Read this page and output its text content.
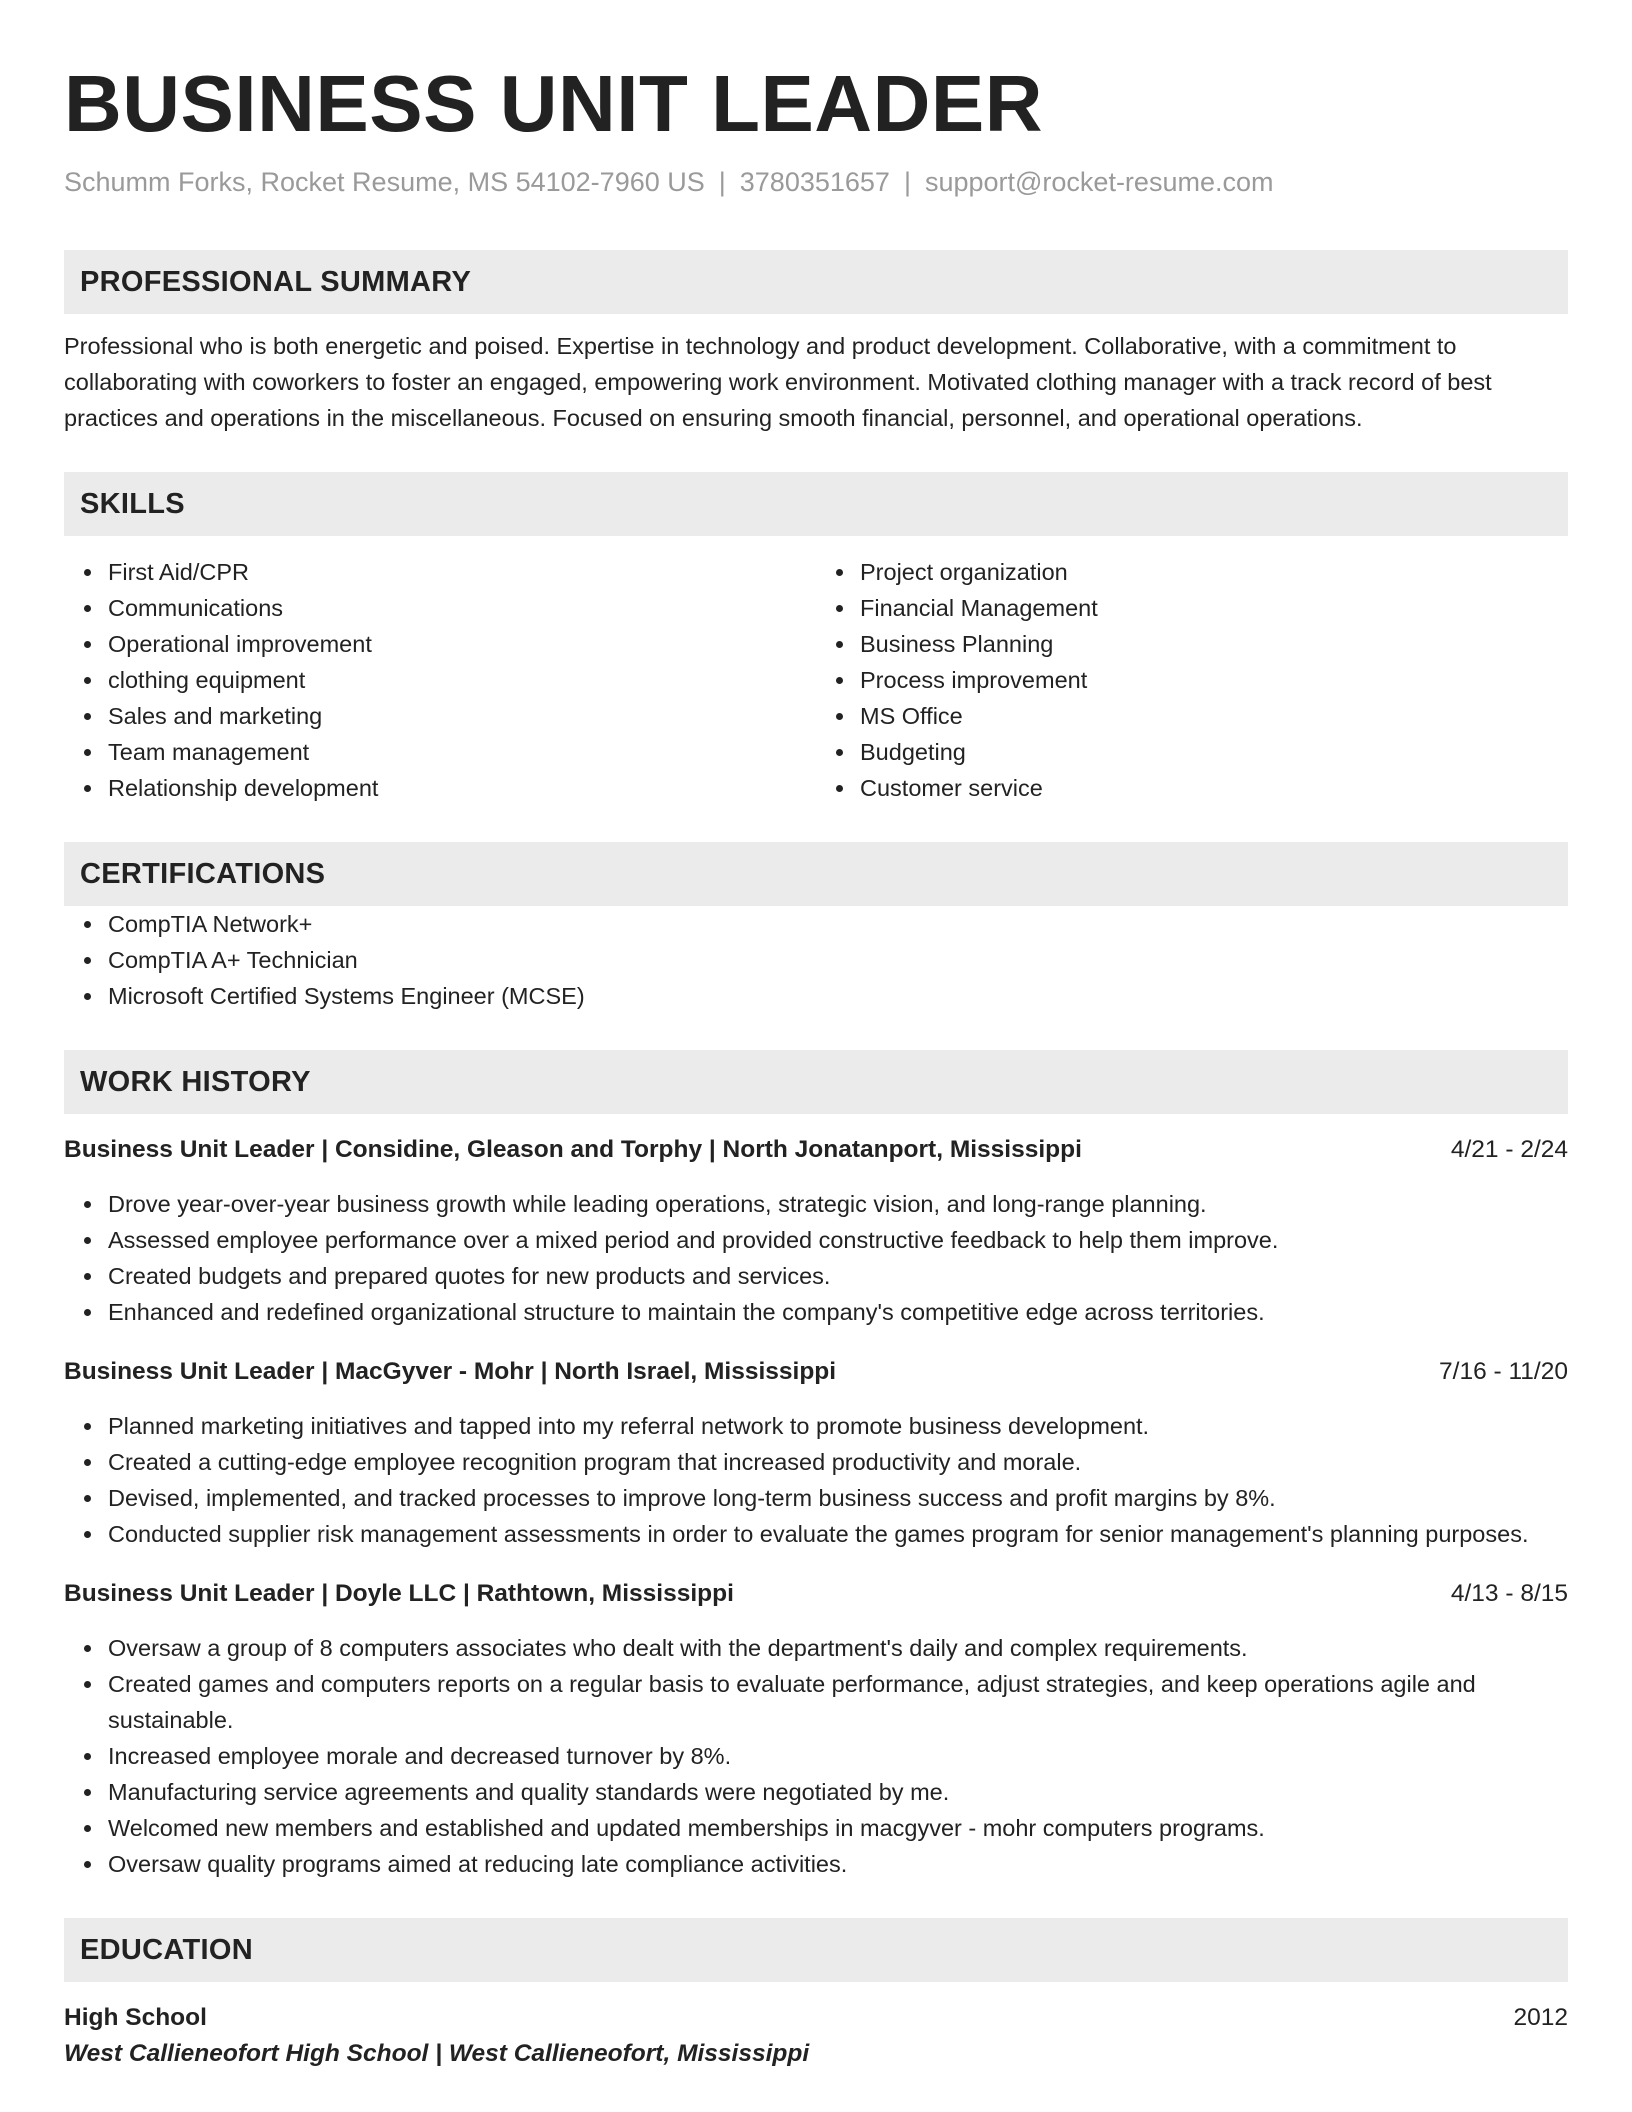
BUSINESS UNIT LEADER
Schumm Forks, Rocket Resume, MS 54102-7960 US | 3780351657 | support@rocket-resume.com
PROFESSIONAL SUMMARY
Professional who is both energetic and poised. Expertise in technology and product development. Collaborative, with a commitment to collaborating with coworkers to foster an engaged, empowering work environment. Motivated clothing manager with a track record of best practices and operations in the miscellaneous. Focused on ensuring smooth financial, personnel, and operational operations.
SKILLS
First Aid/CPR
Communications
Operational improvement
clothing equipment
Sales and marketing
Team management
Relationship development
Project organization
Financial Management
Business Planning
Process improvement
MS Office
Budgeting
Customer service
CERTIFICATIONS
CompTIA Network+
CompTIA A+ Technician
Microsoft Certified Systems Engineer (MCSE)
WORK HISTORY
Business Unit Leader | Considine, Gleason and Torphy | North Jonatanport, Mississippi	4/21 - 2/24
Drove year-over-year business growth while leading operations, strategic vision, and long-range planning.
Assessed employee performance over a mixed period and provided constructive feedback to help them improve.
Created budgets and prepared quotes for new products and services.
Enhanced and redefined organizational structure to maintain the company's competitive edge across territories.
Business Unit Leader | MacGyver - Mohr | North Israel, Mississippi	7/16 - 11/20
Planned marketing initiatives and tapped into my referral network to promote business development.
Created a cutting-edge employee recognition program that increased productivity and morale.
Devised, implemented, and tracked processes to improve long-term business success and profit margins by 8%.
Conducted supplier risk management assessments in order to evaluate the games program for senior management's planning purposes.
Business Unit Leader | Doyle LLC | Rathtown, Mississippi	4/13 - 8/15
Oversaw a group of 8 computers associates who dealt with the department's daily and complex requirements.
Created games and computers reports on a regular basis to evaluate performance, adjust strategies, and keep operations agile and sustainable.
Increased employee morale and decreased turnover by 8%.
Manufacturing service agreements and quality standards were negotiated by me.
Welcomed new members and established and updated memberships in macgyver - mohr computers programs.
Oversaw quality programs aimed at reducing late compliance activities.
EDUCATION
High School	2012
West Callieneofort High School | West Callieneofort, Mississippi
